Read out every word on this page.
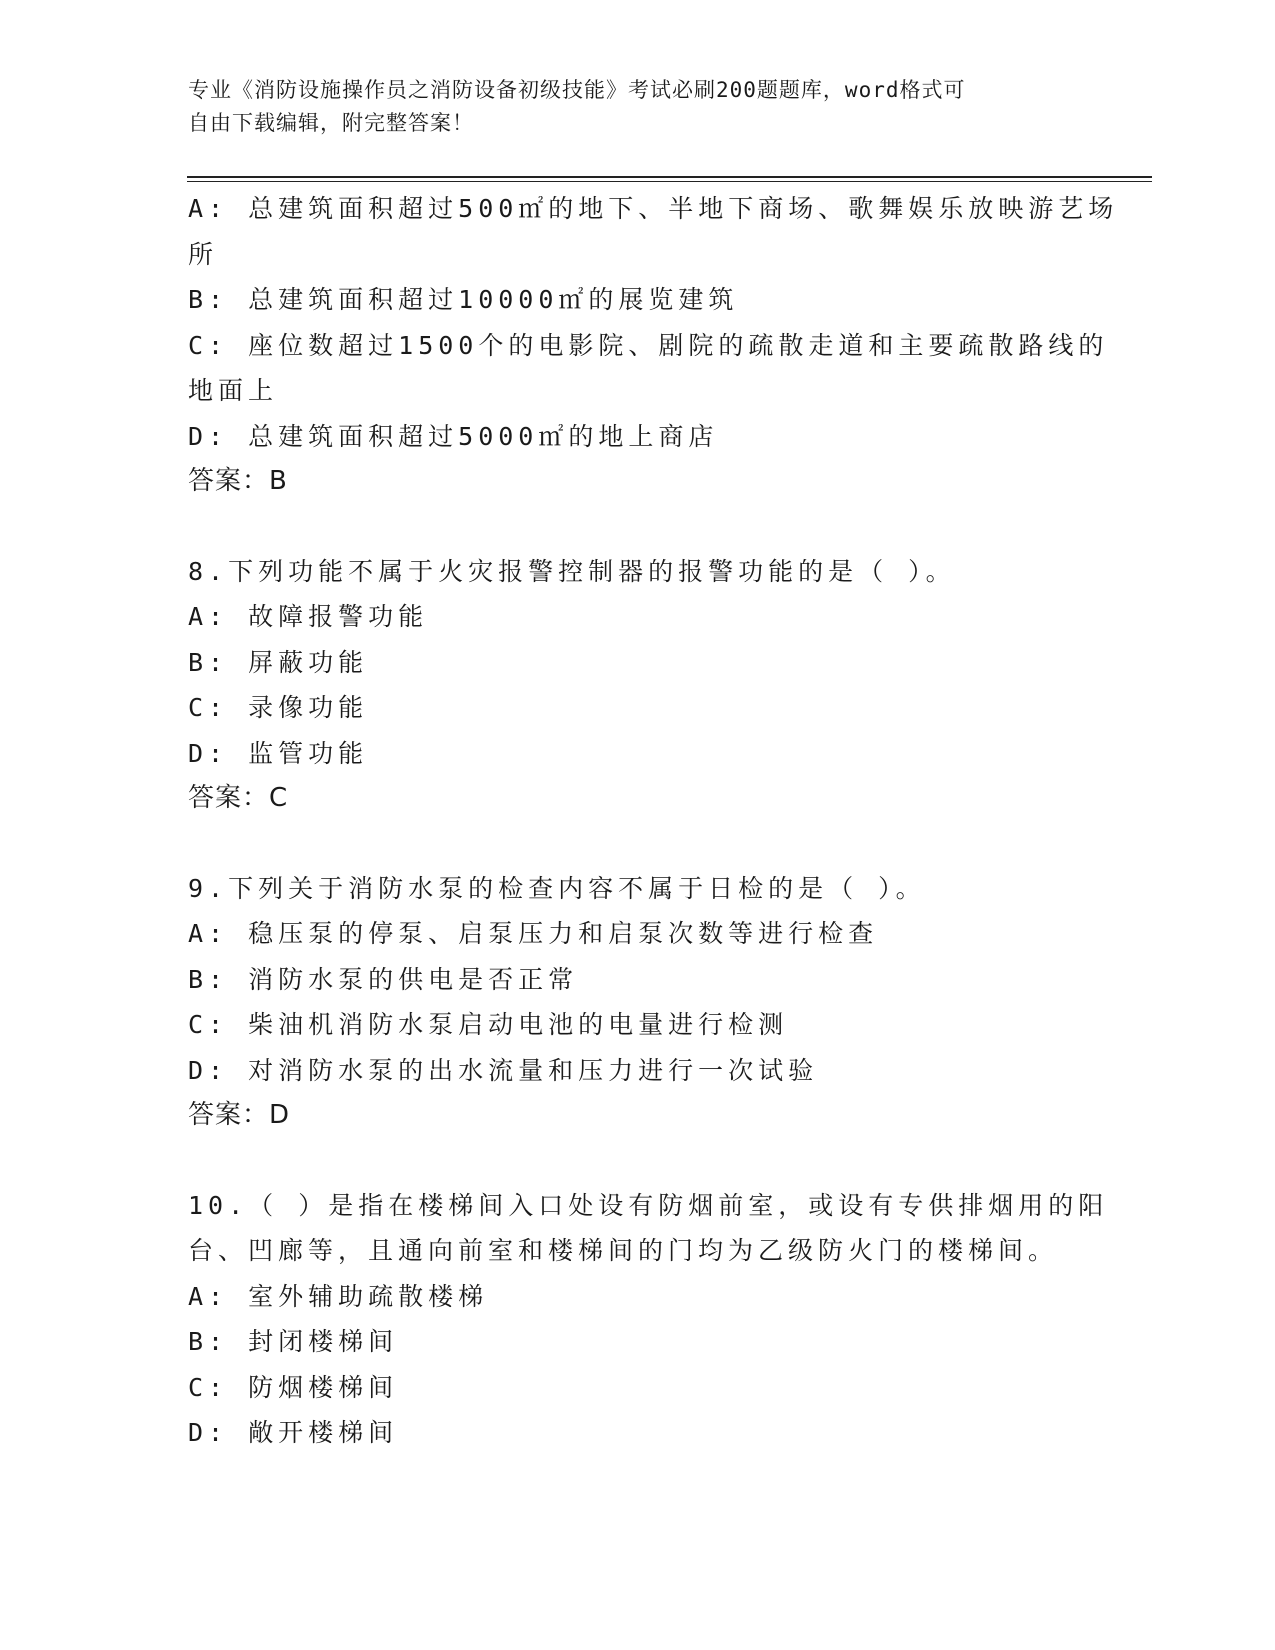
专业《消防设施操作员之消防设备初级技能》考试必刷200题题库，word格式可
自由下载编辑，附完整答案！
A: 总建筑面积超过500㎡的地下、半地下商场、歌舞娱乐放映游艺场
所
B: 总建筑面积超过10000㎡的展览建筑
C: 座位数超过1500个的电影院、剧院的疏散走道和主要疏散路线的
地面上
D: 总建筑面积超过5000㎡的地上商店
答案：B
8.下列功能不属于火灾报警控制器的报警功能的是（ ）。
A: 故障报警功能
B: 屏蔽功能
C: 录像功能
D: 监管功能
答案：C
9.下列关于消防水泵的检查内容不属于日检的是（ ）。
A: 稳压泵的停泵、启泵压力和启泵次数等进行检查
B: 消防水泵的供电是否正常
C: 柴油机消防水泵启动电池的电量进行检测
D: 对消防水泵的出水流量和压力进行一次试验
答案：D
10.（ ）是指在楼梯间入口处设有防烟前室，或设有专供排烟用的阳
台、凹廊等，且通向前室和楼梯间的门均为乙级防火门的楼梯间。
A: 室外辅助疏散楼梯
B: 封闭楼梯间
C: 防烟楼梯间
D: 敞开楼梯间
